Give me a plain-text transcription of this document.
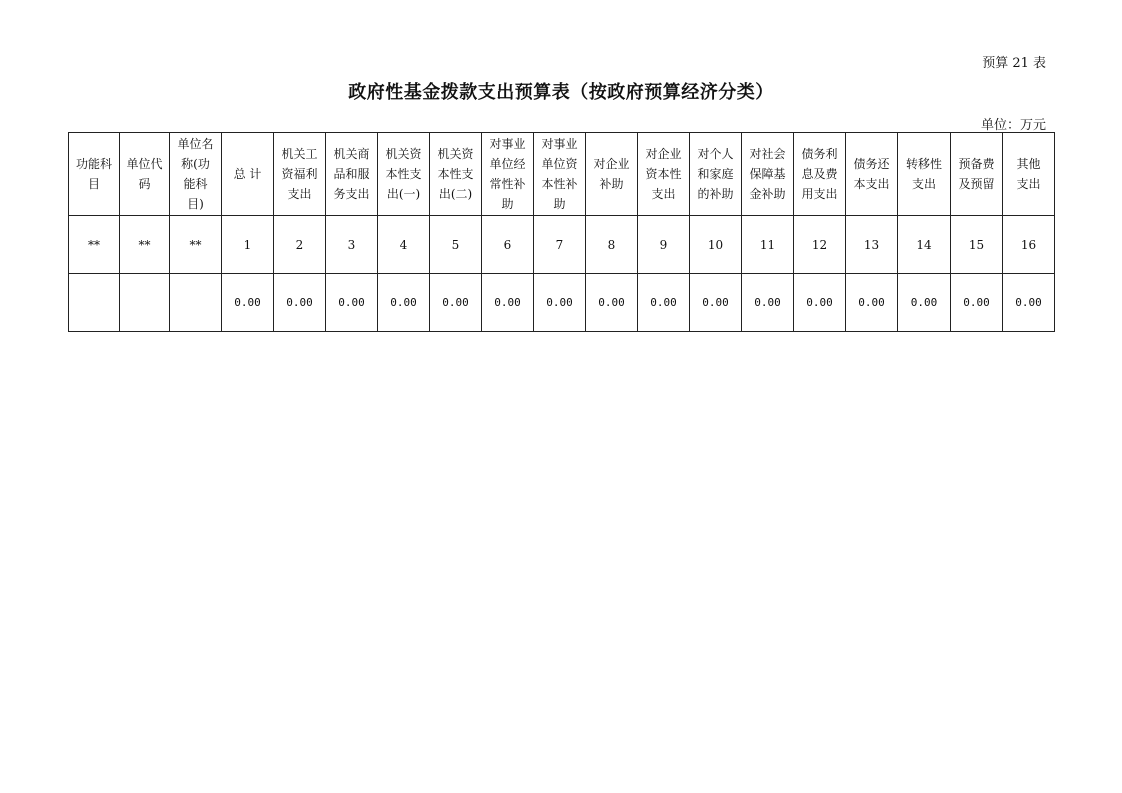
预算 21 表
政府性基金拨款支出预算表（按政府预算经济分类）
单位：万元
功能科目	单位代码	单位名称(功能科目)	总 计	机关工资福利支出	机关商品和服务支出	机关资本性支出(一)	机关资本性支出(二)	对事业单位经常性补助	对事业单位资本性补助	对企业补助	对企业资本性支出	对个人和家庭的补助	对社会保障基金补助	债务利息及费用支出	债务还本支出	转移性支出	预备费及预留	其他支出
**	**	**	1	2	3	4	5	6	7	8	9	10	11	12	13	14	15	16
			0.00	0.00	0.00	0.00	0.00	0.00	0.00	0.00	0.00	0.00	0.00	0.00	0.00	0.00	0.00	0.00
